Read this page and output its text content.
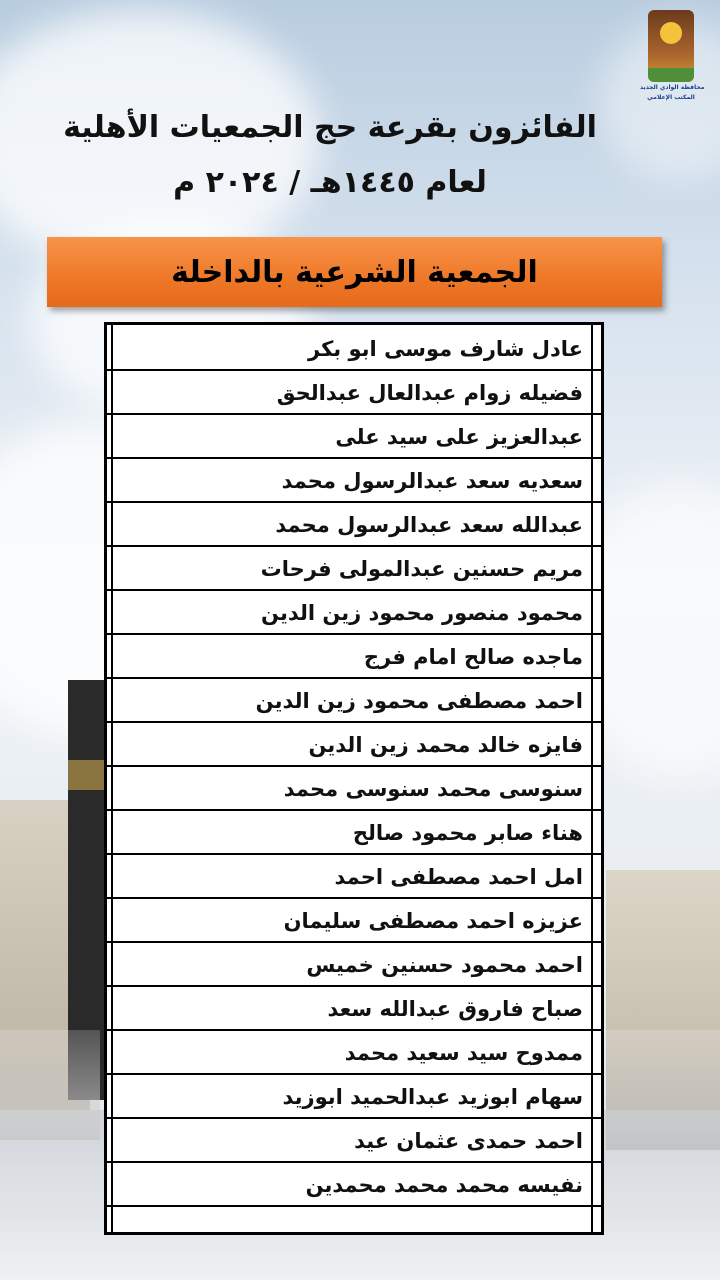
محافظة الوادي الجديد
المكتب الإعلامي
الفائزون بقرعة حج الجمعيات الأهلية
لعام ١٤٤٥هـ / ٢٠٢٤ م
الجمعية الشرعية بالداخلة
عادل شارف موسى ابو بكر
فضيله زوام عبدالعال عبدالحق
عبدالعزيز على سيد على
سعديه سعد عبدالرسول محمد
عبدالله سعد عبدالرسول محمد
مريم حسنين عبدالمولى فرحات
محمود منصور محمود زين الدين
ماجده صالح امام فرج
احمد مصطفى محمود زين الدين
فايزه خالد محمد زين الدين
سنوسى محمد سنوسى محمد
هناء صابر محمود صالح
امل احمد مصطفى احمد
عزيزه احمد مصطفى سليمان
احمد محمود حسنين خميس
صباح فاروق عبدالله سعد
ممدوح سيد سعيد محمد
سهام ابوزيد عبدالحميد ابوزيد
احمد حمدى عثمان عيد
نفيسه محمد محمد محمدين
